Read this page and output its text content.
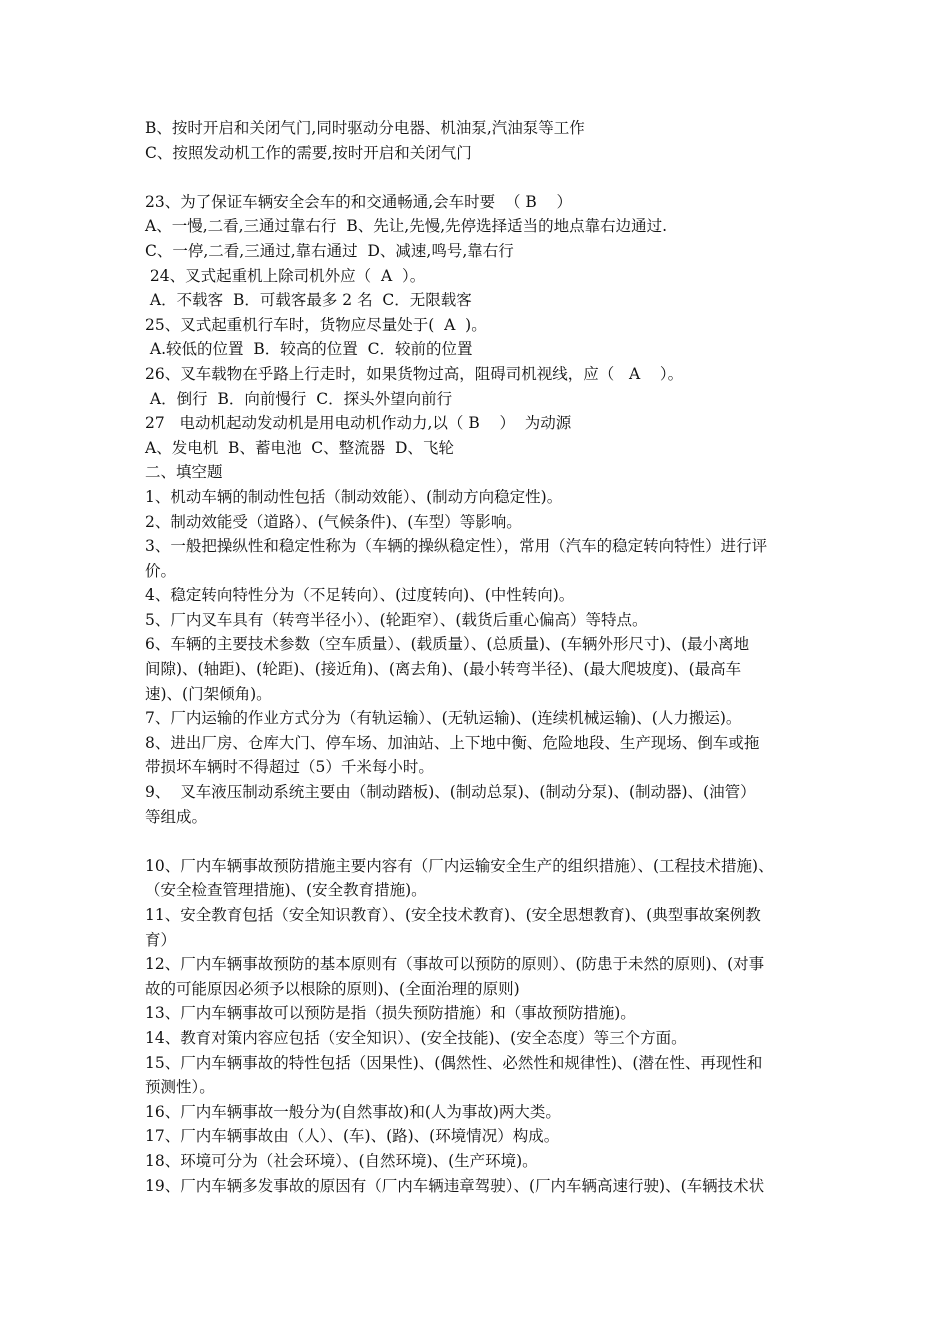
B、按时开启和关闭气门,同时驱动分电器、机油泵,汽油泵等工作
C、按照发动机工作的需要,按时开启和关闭气门
23、为了保证车辆安全会车的和交通畅通,会车时要  （ B    ）
A、一慢,二看,三通过靠右行  B、先让,先慢,先停选择适当的地点靠右边通过.
C、一停,二看,三通过,靠右通过  D、减速,鸣号,靠右行
24、叉式起重机上除司机外应（  A  ）。
A．不载客  B．可载客最多 2 名  C．无限载客
25、叉式起重机行车时，货物应尽量处于(  A  )。
A.较低的位置  B．较高的位置  C．较前的位置
26、叉车载物在乎路上行走时，如果货物过高，阻碍司机视线，应（   A    ）。
A．倒行  B．向前慢行  C．探头外望向前行
27   电动机起动发动机是用电动机作动力,以（ B    ）  为动源
A、发电机  B、蓄电池  C、整流器  D、飞轮
二、填空题
1、机动车辆的制动性包括（制动效能）、(制动方向稳定性)。
2、制动效能受（道路）、(气候条件)、(车型）等影响。
3、一般把操纵性和稳定性称为（车辆的操纵稳定性），常用（汽车的稳定转向特性）进行评
价。
4、稳定转向特性分为（不足转向）、(过度转向)、(中性转向)。
5、厂内叉车具有（转弯半径小）、(轮距窄）、(载货后重心偏高）等特点。
6、车辆的主要技术参数（空车质量）、(载质量）、(总质量)、(车辆外形尺寸)、(最小离地
间隙)、(轴距)、(轮距)、(接近角)、(离去角)、(最小转弯半径)、(最大爬坡度)、(最高车
速)、(门架倾角)。
7、厂内运输的作业方式分为（有轨运输）、(无轨运输)、(连续机械运输)、(人力搬运)。
8、进出厂房、仓库大门、停车场、加油站、上下地中衡、危险地段、生产现场、倒车或拖
带损坏车辆时不得超过（5）千米每小时。
9、  叉车液压制动系统主要由（制动踏板)、(制动总泵)、(制动分泵)、(制动器)、(油管）
等组成。
10、厂内车辆事故预防措施主要内容有（厂内运输安全生产的组织措施）、(工程技术措施)、
（安全检查管理措施)、(安全教育措施)。
11、安全教育包括（安全知识教育）、(安全技术教育)、(安全思想教育)、(典型事故案例教
育）
12、厂内车辆事故预防的基本原则有（事故可以预防的原则）、(防患于未然的原则)、(对事
故的可能原因必须予以根除的原则)、(全面治理的原则)
13、厂内车辆事故可以预防是指（损失预防措施）和（事故预防措施)。
14、教育对策内容应包括（安全知识）、(安全技能)、(安全态度）等三个方面。
15、厂内车辆事故的特性包括（因果性)、(偶然性、必然性和规律性)、(潜在性、再现性和
预测性）。
16、厂内车辆事故一般分为(自然事故)和(人为事故)两大类。
17、厂内车辆事故由（人）、(车)、(路)、(环境情况）构成。
18、环境可分为（社会环境）、(自然环境)、(生产环境)。
19、厂内车辆多发事故的原因有（厂内车辆违章驾驶）、(厂内车辆高速行驶)、(车辆技术状
